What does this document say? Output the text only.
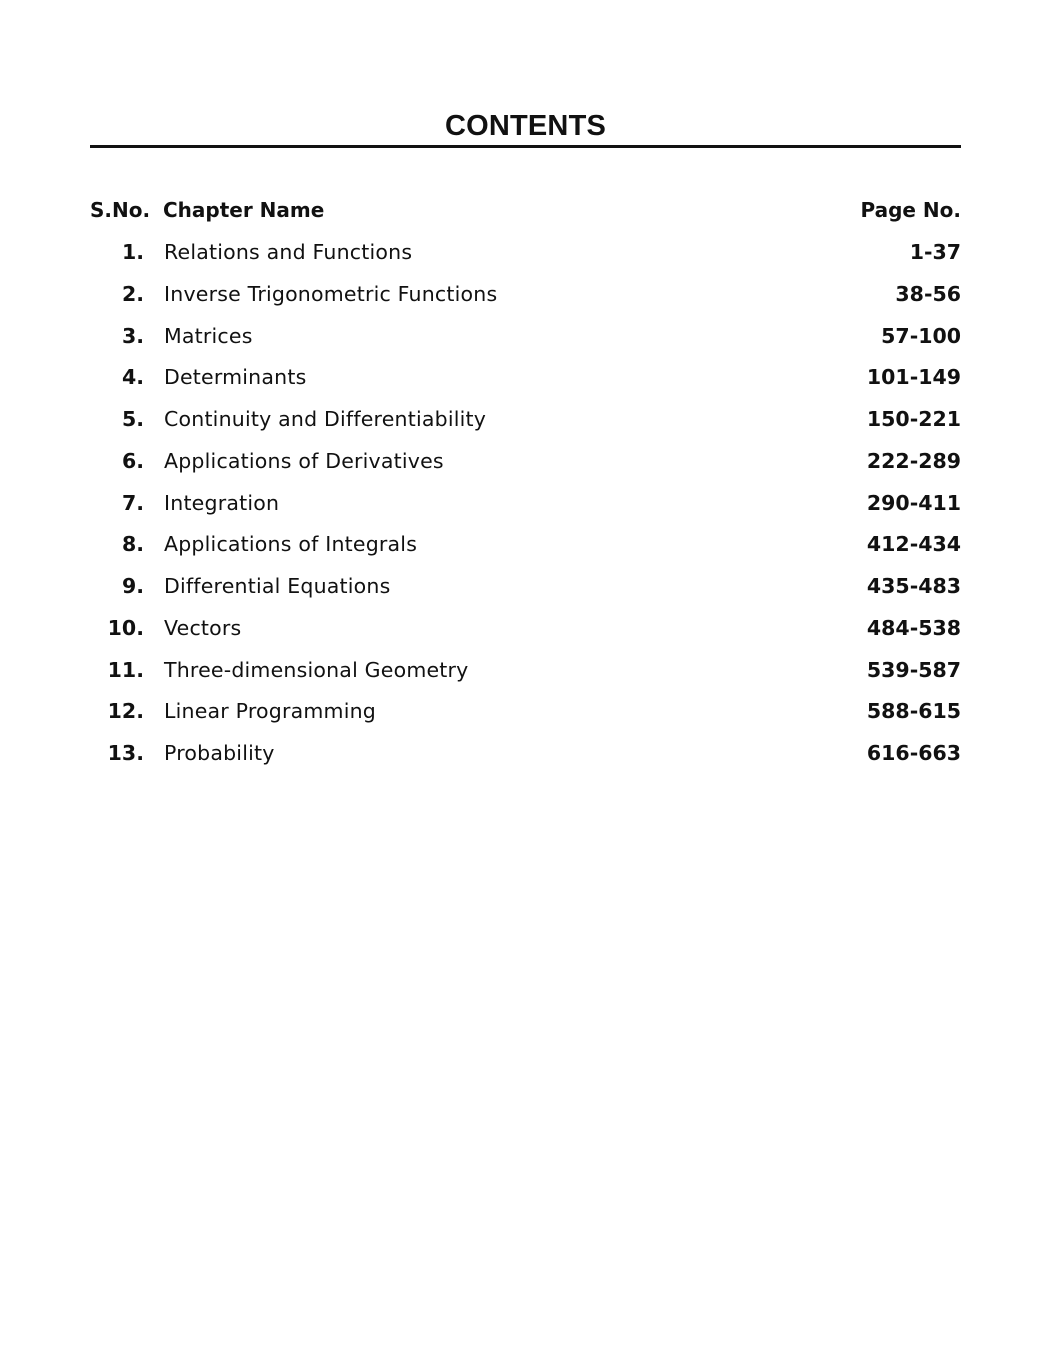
CONTENTS
S.No. Chapter Name	Page No.
1. Relations and Functions	1-37
2. Inverse Trigonometric Functions	38-56
3. Matrices	57-100
4. Determinants	101-149
5. Continuity and Differentiability	150-221
6. Applications of Derivatives	222-289
7. Integration	290-411
8. Applications of Integrals	412-434
9. Differential Equations	435-483
10. Vectors	484-538
11. Three-dimensional Geometry	539-587
12. Linear Programming	588-615
13. Probability	616-663
